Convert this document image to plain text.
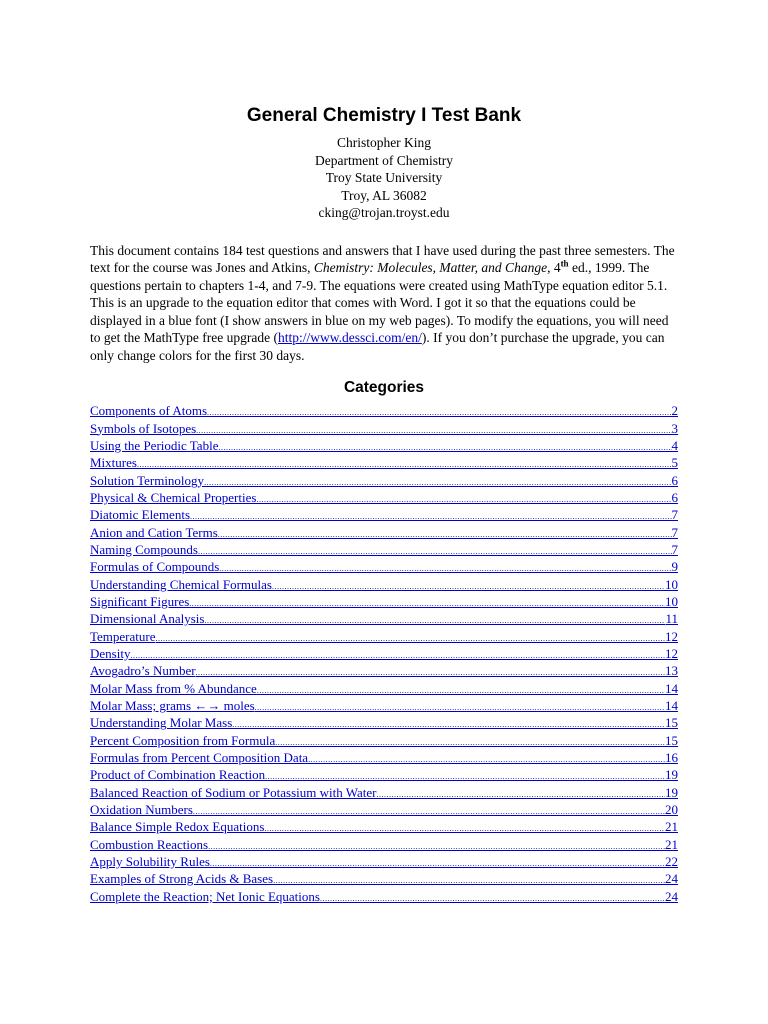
General Chemistry I Test Bank
Christopher King
Department of Chemistry
Troy State University
Troy, AL 36082
cking@trojan.troyst.edu

This document contains 184 test questions and answers that I have used during the past three semesters. The text for the course was Jones and Atkins, Chemistry: Molecules, Matter, and Change, 4th ed., 1999. The questions pertain to chapters 1-4, and 7-9. The equations were created using MathType equation editor 5.1. This is an upgrade to the equation editor that comes with Word. I got it so that the equations could be displayed in a blue font (I show answers in blue on my web pages). To modify the equations, you will need to get the MathType free upgrade (http://www.dessci.com/en/). If you don’t purchase the upgrade, you can only change colors for the first 30 days.

Categories
Components of Atoms .....	2
Symbols of Isotopes .....	3
Using the Periodic Table .....	4
Mixtures .....	5
Solution Terminology .....	6
Physical & Chemical Properties .....	6
Diatomic Elements .....	7
Anion and Cation Terms .....	7
Naming Compounds .....	7
Formulas of Compounds .....	9
Understanding Chemical Formulas .....	10
Significant Figures .....	10
Dimensional Analysis .....	11
Temperature .....	12
Density .....	12
Avogadro’s Number .....	13
Molar Mass from % Abundance .....	14
Molar Mass; grams ←→ moles .....	14
Understanding Molar Mass .....	15
Percent Composition from Formula .....	15
Formulas from Percent Composition Data .....	16
Product of Combination Reaction .....	19
Balanced Reaction of Sodium or Potassium with Water .....	19
Oxidation Numbers .....	20
Balance Simple Redox Equations .....	21
Combustion Reactions .....	21
Apply Solubility Rules .....	22
Examples of Strong Acids & Bases .....	24
Complete the Reaction; Net Ionic Equations .....	24
